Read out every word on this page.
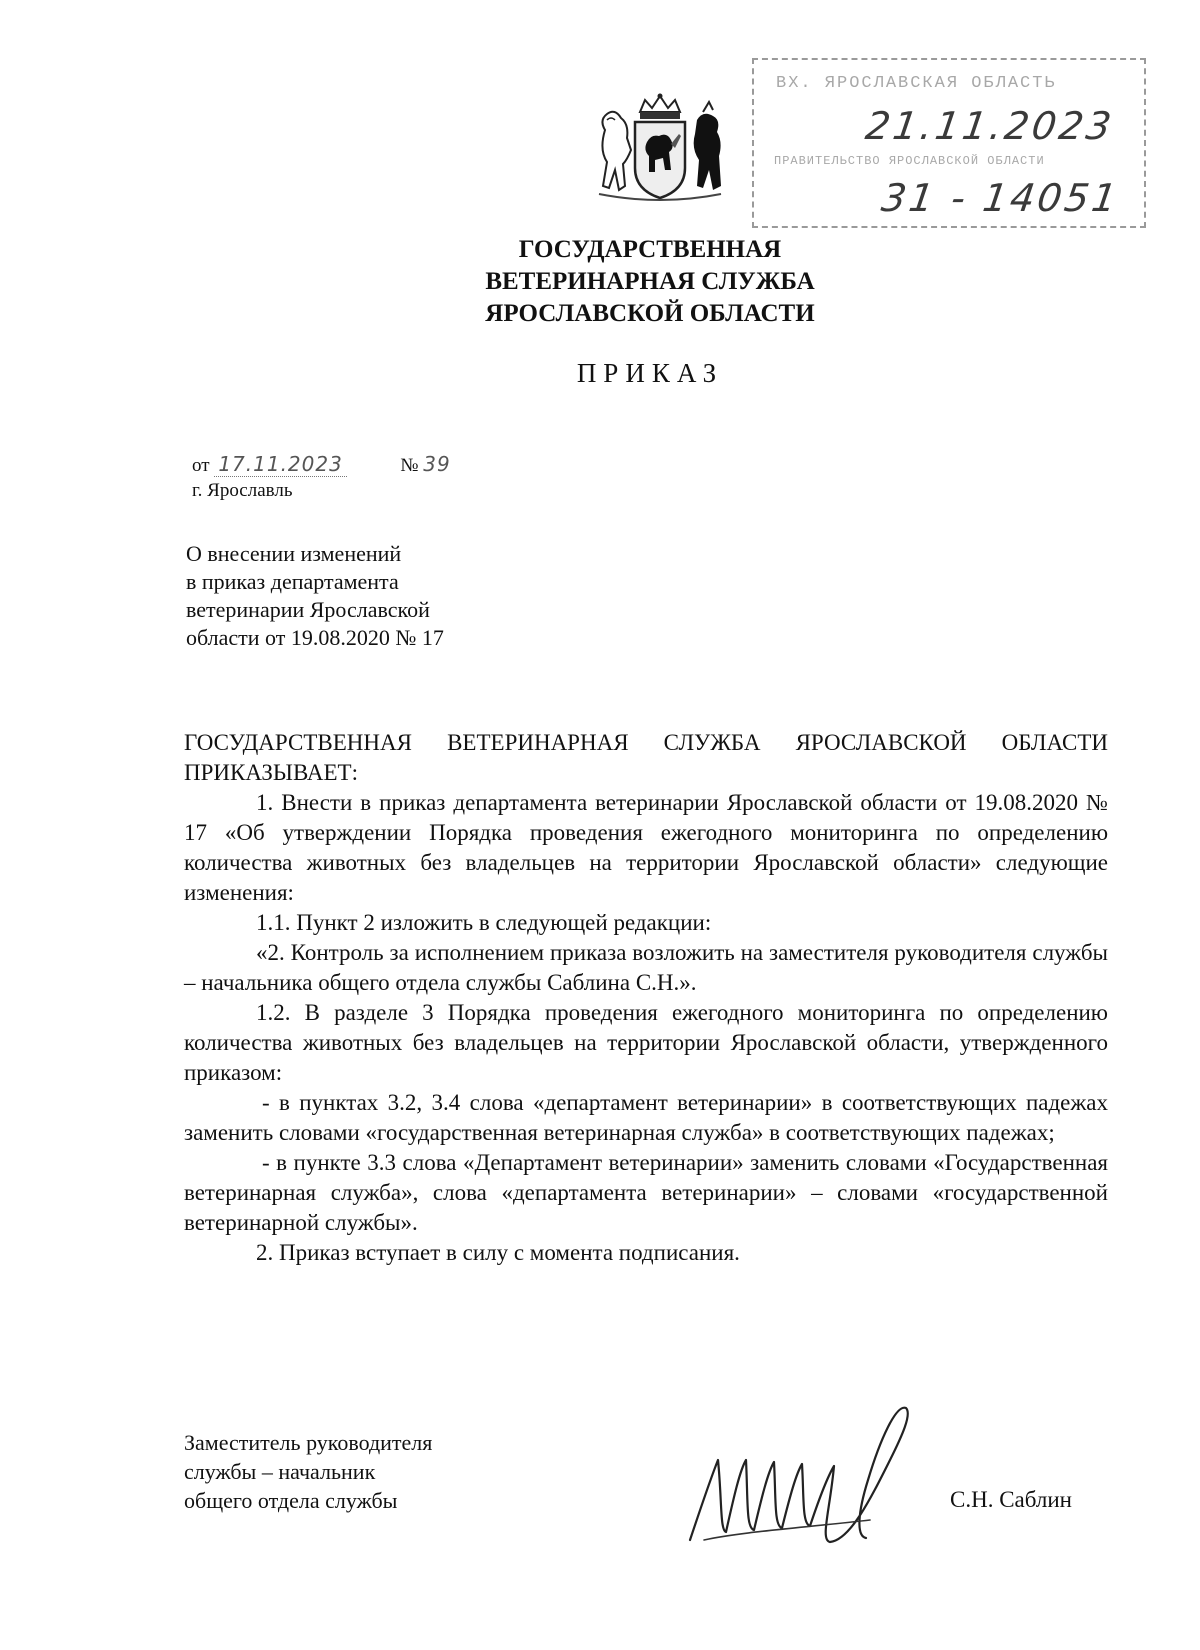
ВХ. ЯРОСЛАВСКАЯ ОБЛАСТЬ
21.11.2023
ПРАВИТЕЛЬСТВО ЯРОСЛАВСКОЙ ОБЛАСТИ
31 - 14051
ГОСУДАРСТВЕННАЯ
ВЕТЕРИНАРНАЯ СЛУЖБА
ЯРОСЛАВСКОЙ ОБЛАСТИ
ПРИКАЗ
от 17.11.2023	№ 39
г. Ярославль
О внесении изменений
в приказ департамента
ветеринарии Ярославской
области от 19.08.2020 № 17

ГОСУДАРСТВЕННАЯ ВЕТЕРИНАРНАЯ СЛУЖБА ЯРОСЛАВСКОЙ ОБЛАСТИ ПРИКАЗЫВАЕТ:

1. Внести в приказ департамента ветеринарии Ярославской области от 19.08.2020 № 17 «Об утверждении Порядка проведения ежегодного мониторинга по определению количества животных без владельцев на территории Ярославской области» следующие изменения:

1.1. Пункт 2 изложить в следующей редакции:

«2. Контроль за исполнением приказа возложить на заместителя руководителя службы – начальника общего отдела службы Саблина С.Н.».

1.2. В разделе 3 Порядка проведения ежегодного мониторинга по определению количества животных без владельцев на территории Ярославской области, утвержденного приказом:

- в пунктах 3.2, 3.4 слова «департамент ветеринарии» в соответствующих падежах заменить словами «государственная ветеринарная служба» в соответствующих падежах;

- в пункте 3.3 слова «Департамент ветеринарии» заменить словами «Государственная ветеринарная служба», слова «департамента ветеринарии» – словами «государственной ветеринарной службы».

2. Приказ вступает в силу с момента подписания.

Заместитель руководителя
службы – начальник
общего отдела службы	С.Н. Саблин
